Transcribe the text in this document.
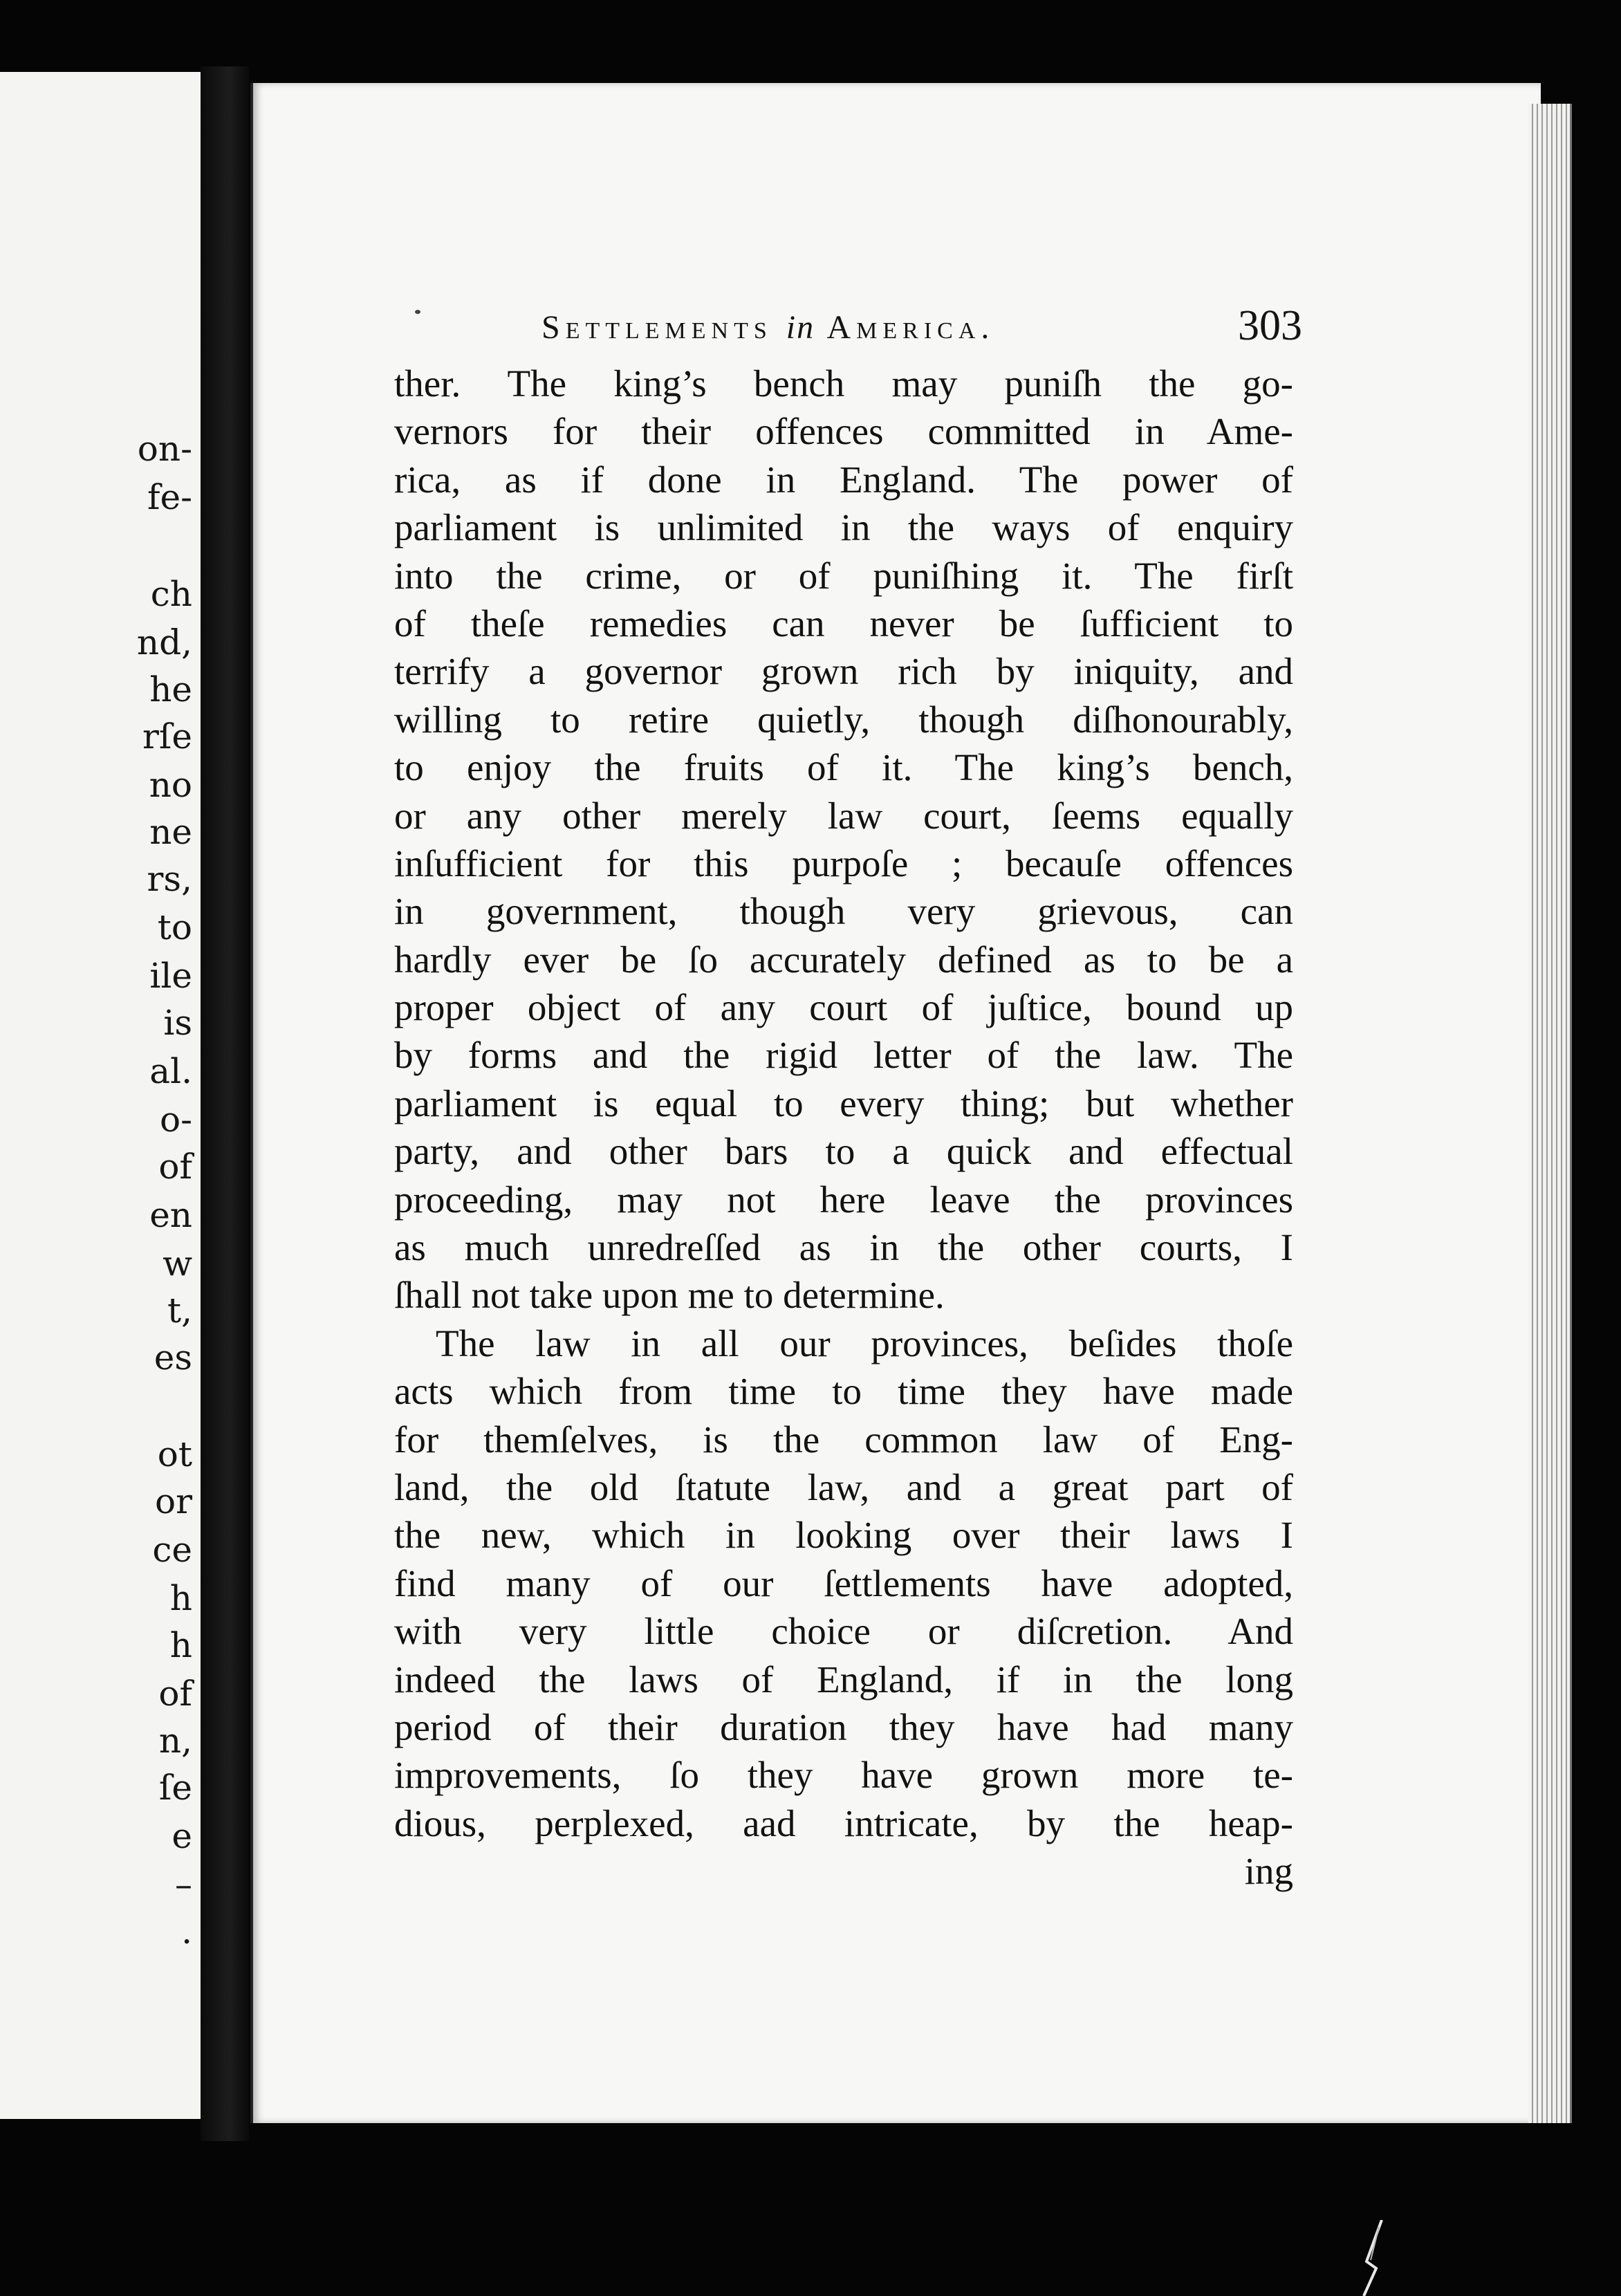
on-
fe-
ch
nd,
he
rſe
no
ne
rs,
to
ile
is
al.
o-
of
en
w
t,
es
ot
or
ce
h
h
of
n,
ſe
e
–
.
Settlements in America.	303
ther. The king’s bench may puniſh the go-
vernors for their offences committed in Ame-
rica, as if done in England. The power of
parliament is unlimited in the ways of enquiry
into the crime, or of puniſhing it. The firſt
of theſe remedies can never be ſufficient to
terrify a governor grown rich by iniquity, and
willing to retire quietly, though diſhonourably,
to enjoy the fruits of it. The king’s bench,
or any other merely law court, ſeems equally
inſufficient for this purpoſe ; becauſe offences
in government, though very grievous, can
hardly ever be ſo accurately defined as to be a
proper object of any court of juſtice, bound up
by forms and the rigid letter of the law. The
parliament is equal to every thing; but whether
party, and other bars to a quick and effectual
proceeding, may not here leave the provinces
as much unredreſſed as in the other courts, I
ſhall not take upon me to determine.
The law in all our provinces, beſides thoſe
acts which from time to time they have made
for themſelves, is the common law of Eng-
land, the old ſtatute law, and a great part of
the new, which in looking over their laws I
find many of our ſettlements have adopted,
with very little choice or diſcretion. And
indeed the laws of England, if in the long
period of their duration they have had many
improvements, ſo they have grown more te-
dious, perplexed, aad intricate, by the heap-
ing
